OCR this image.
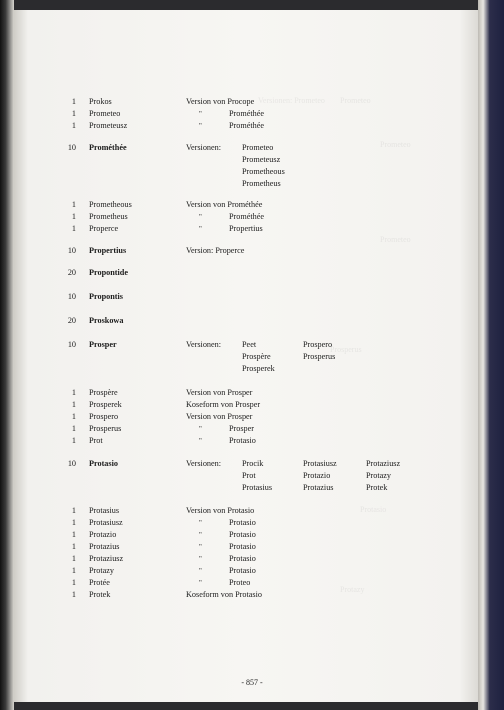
Versionen: Prometeo Prometeo
Prometeo
Prometeo
Prosperus
Protasio
Protazy
1 Prokos	Version von Procope
1 Prometeo	"	Prométhée
1 Prometeusz	"	Prométhée
10 Prométhée	Versionen:	Prometeo
Prometeusz
Prometheous
Prometheus
1 Prometheous	Version von Prométhée
1 Prometheus	"	Prométhée
1 Properce	"	Propertius
10 Propertius	Version: Properce
20 Propontide
10 Propontis
20 Proskowa
10 Prosper	Versionen:	Peet	Prospero
Prospère	Prosperus
Prosperek
1 Prospère	Version von Prosper
1 Prosperek	Koseform von Prosper
1 Prospero	Version von Prosper
1 Prosperus	"	Prosper
1 Prot	"	Protasio
10 Protasio	Versionen:	Procik	Protasiusz	Protaziusz
Prot	Protazio	Protazy
Protasius	Protazius	Protek
1 Protasius	Version von Protasio
1 Protasiusz	"	Protasio
1 Protazio	"	Protasio
1 Protazius	"	Protasio
1 Protaziusz	"	Protasio
1 Protazy	"	Protasio
1 Protée	"	Proteo
1 Protek	Koseform von Protasio
- 857 -
